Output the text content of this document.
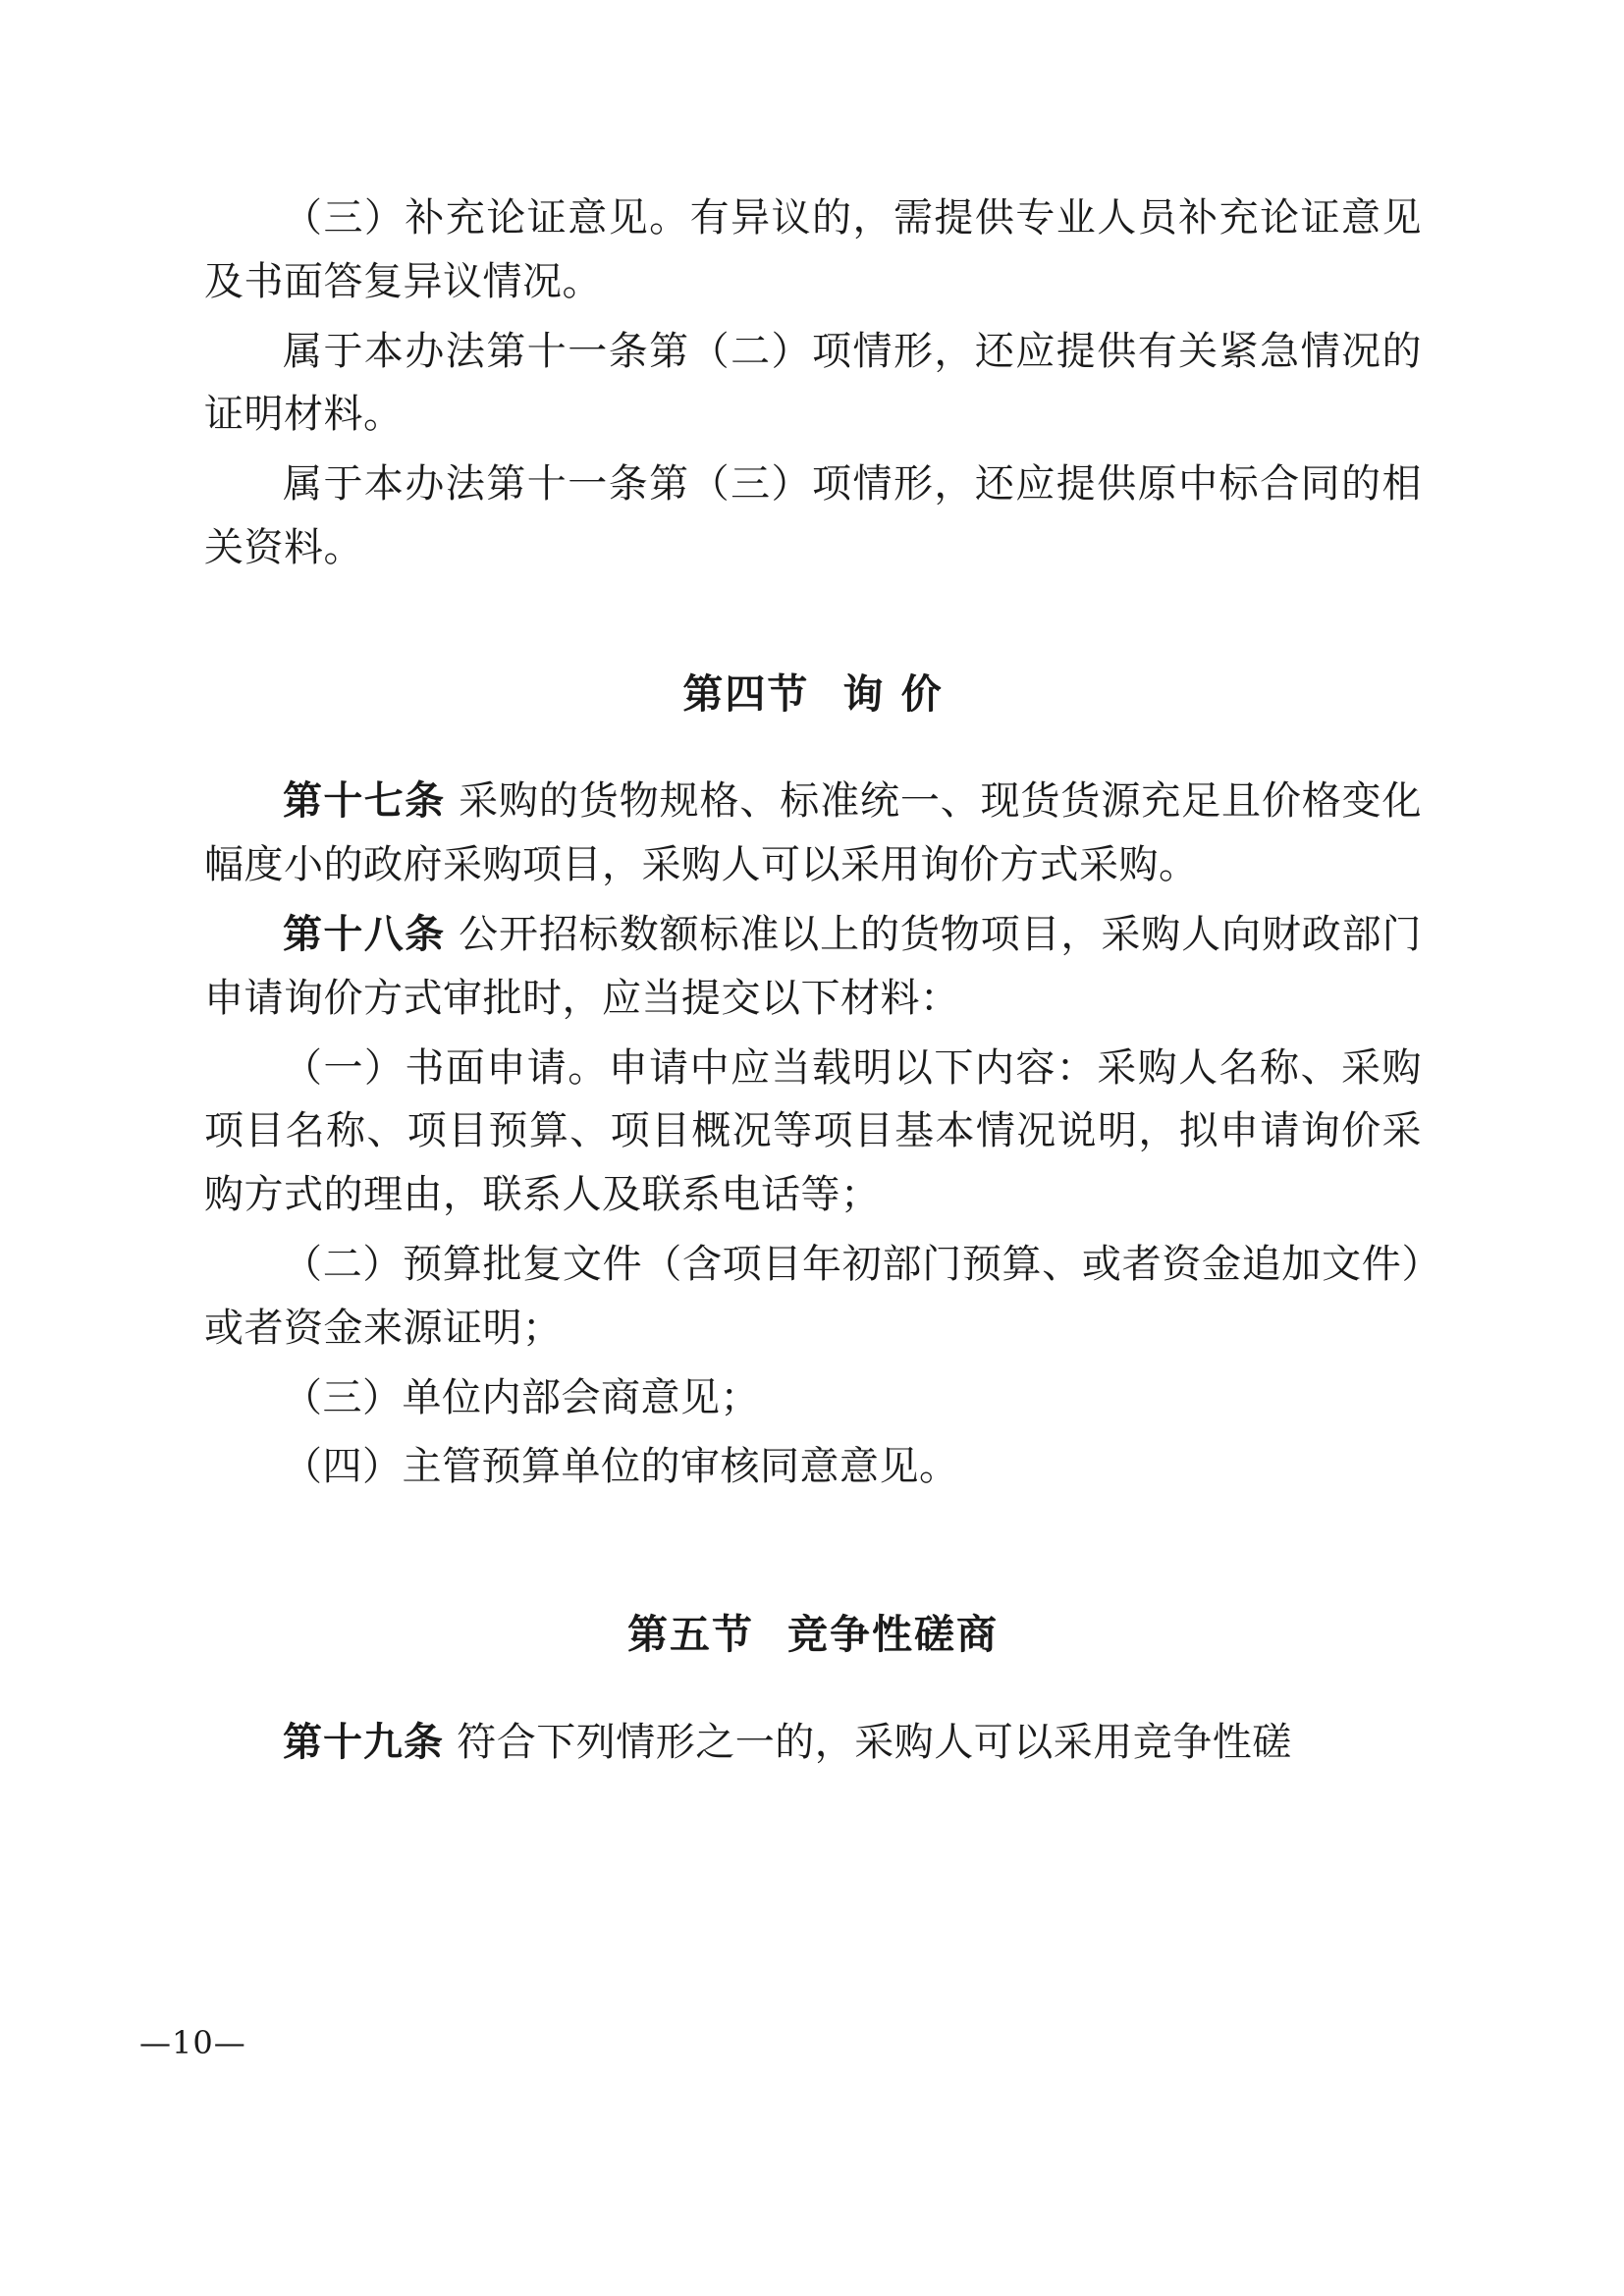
（三）补充论证意见。有异议的，需提供专业人员补充论证意见及书面答复异议情况。

属于本办法第十一条第（二）项情形，还应提供有关紧急情况的证明材料。

属于本办法第十一条第（三）项情形，还应提供原中标合同的相关资料。

第四节 询 价

第十七条 采购的货物规格、标准统一、现货货源充足且价格变化幅度小的政府采购项目，采购人可以采用询价方式采购。

第十八条 公开招标数额标准以上的货物项目，采购人向财政部门申请询价方式审批时，应当提交以下材料：

（一）书面申请。申请中应当载明以下内容：采购人名称、采购项目名称、项目预算、项目概况等项目基本情况说明，拟申请询价采购方式的理由，联系人及联系电话等；

（二）预算批复文件（含项目年初部门预算、或者资金追加文件）或者资金来源证明；

（三）单位内部会商意见；

（四）主管预算单位的审核同意意见。

第五节 竞争性磋商

第十九条 符合下列情形之一的，采购人可以采用竞争性磋

—10—
